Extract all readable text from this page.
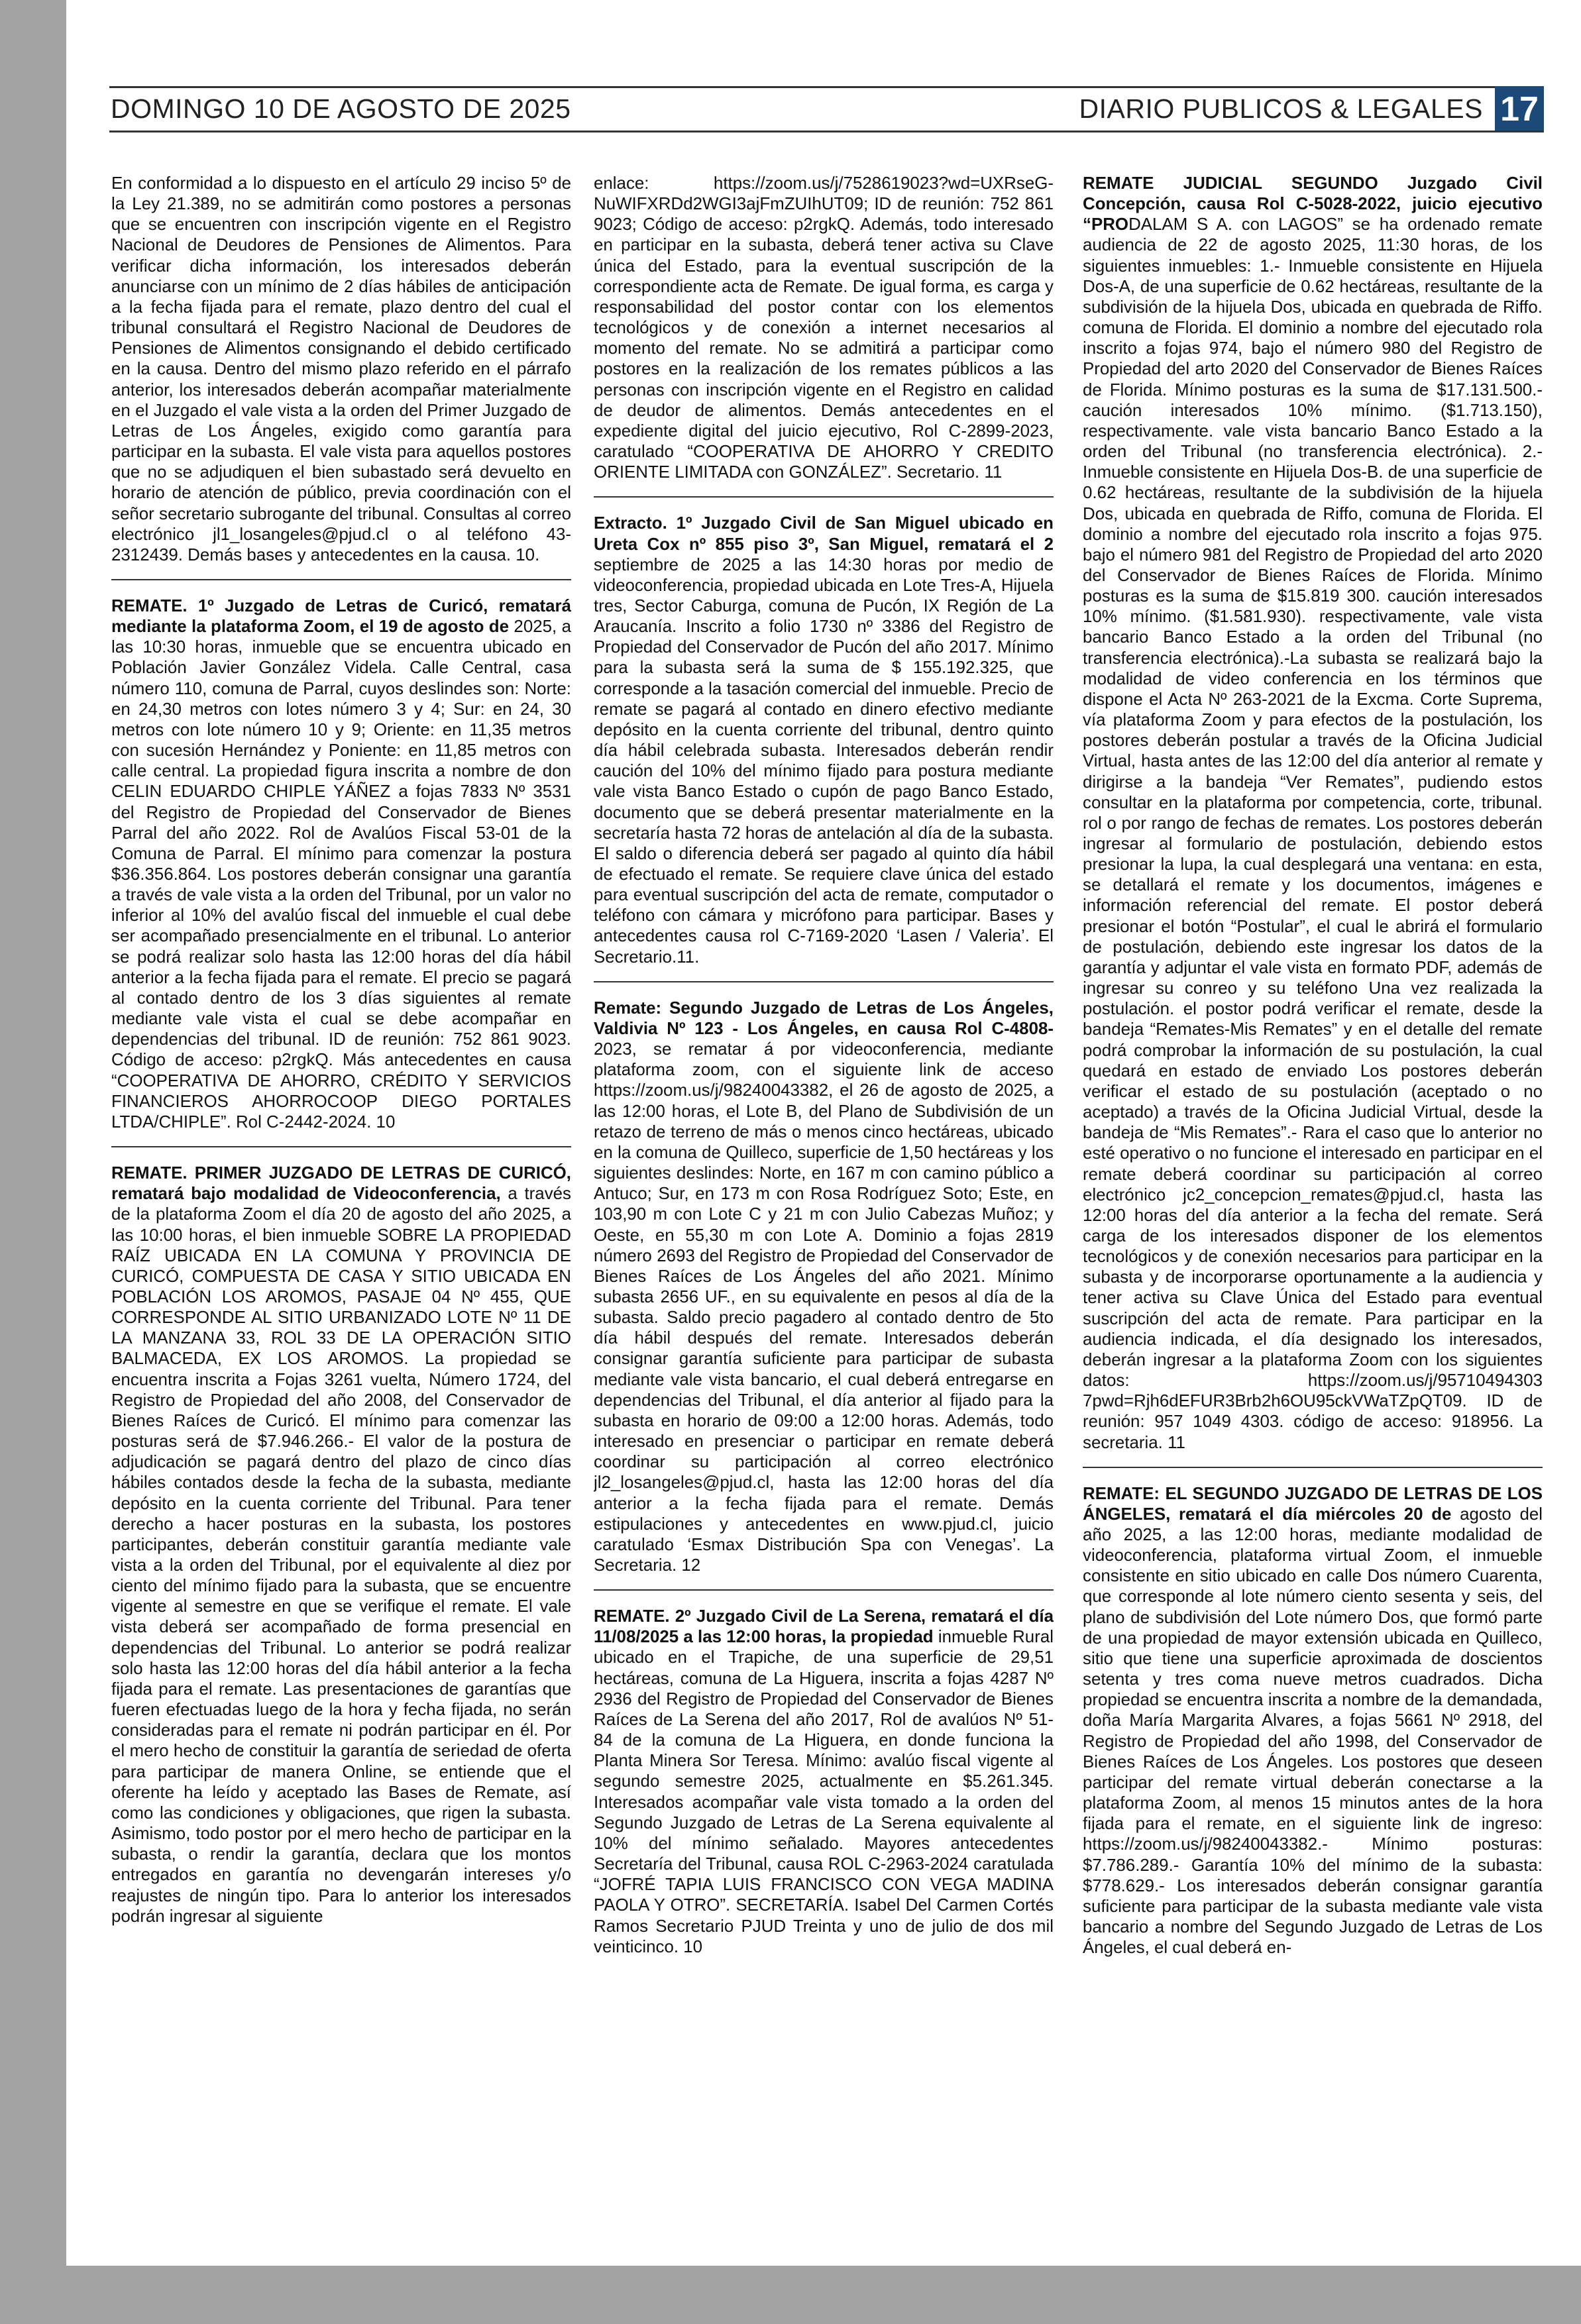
DOMINGO 10 DE AGOSTO DE 2025	DIARIO PUBLICOS & LEGALES 17

En conformidad a lo dispuesto en el artículo 29 inciso 5º de la Ley 21.389, no se admitirán como postores a personas que se encuentren con inscripción vigente en el Registro Nacional de Deudores de Pensiones de Alimentos. Para verificar dicha información, los interesados deberán anunciarse con un mínimo de 2 días hábiles de anticipación a la fecha fijada para el remate, plazo dentro del cual el tribunal consultará el Registro Nacional de Deudores de Pensiones de Alimentos consignando el debido certificado en la causa. Dentro del mismo plazo referido en el párrafo anterior, los interesados deberán acompañar materialmente en el Juzgado el vale vista a la orden del Primer Juzgado de Letras de Los Ángeles, exigido como garantía para participar en la subasta. El vale vista para aquellos postores que no se adjudiquen el bien subastado será devuelto en horario de atención de público, previa coordinación con el señor secretario subrogante del tribunal. Consultas al correo electrónico jl1_losangeles@pjud.cl o al teléfono 43-2312439. Demás bases y antecedentes en la causa. 10.

REMATE. 1º Juzgado de Letras de Curicó, rematará mediante la plataforma Zoom, el 19 de agosto de 2025, a las 10:30 horas, inmueble que se encuentra ubicado en Población Javier González Videla. Calle Central, casa número 110, comuna de Parral, cuyos deslindes son: Norte: en 24,30 metros con lotes número 3 y 4; Sur: en 24, 30 metros con lote número 10 y 9; Oriente: en 11,35 metros con sucesión Hernández y Poniente: en 11,85 metros con calle central. La propiedad figura inscrita a nombre de don CELIN EDUARDO CHIPLE YÁÑEZ a fojas 7833 Nº 3531 del Registro de Propiedad del Conservador de Bienes Parral del año 2022. Rol de Avalúos Fiscal 53-01 de la Comuna de Parral. El mínimo para comenzar la postura $36.356.864. Los postores deberán consignar una garantía a través de vale vista a la orden del Tribunal, por un valor no inferior al 10% del avalúo fiscal del inmueble el cual debe ser acompañado presencialmente en el tribunal. Lo anterior se podrá realizar solo hasta las 12:00 horas del día hábil anterior a la fecha fijada para el remate. El precio se pagará al contado dentro de los 3 días siguientes al remate mediante vale vista el cual se debe acompañar en dependencias del tribunal. ID de reunión: 752 861 9023. Código de acceso: p2rgkQ. Más antecedentes en causa “COOPERATIVA DE AHORRO, CRÉDITO Y SERVICIOS FINANCIEROS AHORROCOOP DIEGO PORTALES LTDA/CHIPLE”. Rol C-2442-2024. 10

REMATE. PRIMER JUZGADO DE LETRAS DE CURICÓ, rematará bajo modalidad de Videoconferencia, a través de la plataforma Zoom el día 20 de agosto del año 2025, a las 10:00 horas, el bien inmueble SOBRE LA PROPIEDAD RAÍZ UBICADA EN LA COMUNA Y PROVINCIA DE CURICÓ, COMPUESTA DE CASA Y SITIO UBICADA EN POBLACIÓN LOS AROMOS, PASAJE 04 Nº 455, QUE CORRESPONDE AL SITIO URBANIZADO LOTE Nº 11 DE LA MANZANA 33, ROL 33 DE LA OPERACIÓN SITIO BALMACEDA, EX LOS AROMOS. La propiedad se encuentra inscrita a Fojas 3261 vuelta, Número 1724, del Registro de Propiedad del año 2008, del Conservador de Bienes Raíces de Curicó. El mínimo para comenzar las posturas será de $7.946.266.- El valor de la postura de adjudicación se pagará dentro del plazo de cinco días hábiles contados desde la fecha de la subasta, mediante depósito en la cuenta corriente del Tribunal. Para tener derecho a hacer posturas en la subasta, los postores participantes, deberán constituir garantía mediante vale vista a la orden del Tribunal, por el equivalente al diez por ciento del mínimo fijado para la subasta, que se encuentre vigente al semestre en que se verifique el remate. El vale vista deberá ser acompañado de forma presencial en dependencias del Tribunal. Lo anterior se podrá realizar solo hasta las 12:00 horas del día hábil anterior a la fecha fijada para el remate. Las presentaciones de garantías que fueren efectuadas luego de la hora y fecha fijada, no serán consideradas para el remate ni podrán participar en él. Por el mero hecho de constituir la garantía de seriedad de oferta para participar de manera Online, se entiende que el oferente ha leído y aceptado las Bases de Remate, así como las condiciones y obligaciones, que rigen la subasta. Asimismo, todo postor por el mero hecho de participar en la subasta, o rendir la garantía, declara que los montos entregados en garantía no devengarán intereses y/o reajustes de ningún tipo. Para lo anterior los interesados podrán ingresar al siguiente

enlace: https://zoom.us/j/7528619023?wd=UXRseG-NuWIFXRDd2WGI3ajFmZUIhUT09; ID de reunión: 752 861 9023; Código de acceso: p2rgkQ. Además, todo interesado en participar en la subasta, deberá tener activa su Clave única del Estado, para la eventual suscripción de la correspondiente acta de Remate. De igual forma, es carga y responsabilidad del postor contar con los elementos tecnológicos y de conexión a internet necesarios al momento del remate. No se admitirá a participar como postores en la realización de los remates públicos a las personas con inscripción vigente en el Registro en calidad de deudor de alimentos. Demás antecedentes en el expediente digital del juicio ejecutivo, Rol C-2899-2023, caratulado “COOPERATIVA DE AHORRO Y CREDITO ORIENTE LIMITADA con GONZÁLEZ”. Secretario. 11

Extracto. 1º Juzgado Civil de San Miguel ubicado en Ureta Cox nº 855 piso 3º, San Miguel, rematará el 2 septiembre de 2025 a las 14:30 horas por medio de videoconferencia, propiedad ubicada en Lote Tres-A, Hijuela tres, Sector Caburga, comuna de Pucón, IX Región de La Araucanía. Inscrito a folio 1730 nº 3386 del Registro de Propiedad del Conservador de Pucón del año 2017. Mínimo para la subasta será la suma de $ 155.192.325, que corresponde a la tasación comercial del inmueble. Precio de remate se pagará al contado en dinero efectivo mediante depósito en la cuenta corriente del tribunal, dentro quinto día hábil celebrada subasta. Interesados deberán rendir caución del 10% del mínimo fijado para postura mediante vale vista Banco Estado o cupón de pago Banco Estado, documento que se deberá presentar materialmente en la secretaría hasta 72 horas de antelación al día de la subasta. El saldo o diferencia deberá ser pagado al quinto día hábil de efectuado el remate. Se requiere clave única del estado para eventual suscripción del acta de remate, computador o teléfono con cámara y micrófono para participar. Bases y antecedentes causa rol C-7169-2020 ‘Lasen / Valeria’. El Secretario.11.

Remate: Segundo Juzgado de Letras de Los Ángeles, Valdivia Nº 123 - Los Ángeles, en causa Rol C-4808-2023, se rematar á por videoconferencia, mediante plataforma zoom, con el siguiente link de acceso https://zoom.us/j/98240043382, el 26 de agosto de 2025, a las 12:00 horas, el Lote B, del Plano de Subdivisión de un retazo de terreno de más o menos cinco hectáreas, ubicado en la comuna de Quilleco, superficie de 1,50 hectáreas y los siguientes deslindes: Norte, en 167 m con camino público a Antuco; Sur, en 173 m con Rosa Rodríguez Soto; Este, en 103,90 m con Lote C y 21 m con Julio Cabezas Muñoz; y Oeste, en 55,30 m con Lote A. Dominio a fojas 2819 número 2693 del Registro de Propiedad del Conservador de Bienes Raíces de Los Ángeles del año 2021. Mínimo subasta 2656 UF., en su equivalente en pesos al día de la subasta. Saldo precio pagadero al contado dentro de 5to día hábil después del remate. Interesados deberán consignar garantía suficiente para participar de subasta mediante vale vista bancario, el cual deberá entregarse en dependencias del Tribunal, el día anterior al fijado para la subasta en horario de 09:00 a 12:00 horas. Además, todo interesado en presenciar o participar en remate deberá coordinar su participación al correo electrónico jl2_losangeles@pjud.cl, hasta las 12:00 horas del día anterior a la fecha fijada para el remate. Demás estipulaciones y antecedentes en www.pjud.cl, juicio caratulado ‘Esmax Distribución Spa con Venegas’. La Secretaria. 12

REMATE. 2º Juzgado Civil de La Serena, rematará el día 11/08/2025 a las 12:00 horas, la propiedad inmueble Rural ubicado en el Trapiche, de una superficie de 29,51 hectáreas, comuna de La Higuera, inscrita a fojas 4287 Nº 2936 del Registro de Propiedad del Conservador de Bienes Raíces de La Serena del año 2017, Rol de avalúos Nº 51-84 de la comuna de La Higuera, en donde funciona la Planta Minera Sor Teresa. Mínimo: avalúo fiscal vigente al segundo semestre 2025, actualmente en $5.261.345. Interesados acompañar vale vista tomado a la orden del Segundo Juzgado de Letras de La Serena equivalente al 10% del mínimo señalado. Mayores antecedentes Secretaría del Tribunal, causa ROL C-2963-2024 caratulada “JOFRÉ TAPIA LUIS FRANCISCO CON VEGA MADINA PAOLA Y OTRO”. SECRETARÍA. Isabel Del Carmen Cortés Ramos Secretario PJUD Treinta y uno de julio de dos mil veinticinco. 10

REMATE JUDICIAL SEGUNDO Juzgado Civil Concepción, causa Rol C-5028-2022, juicio ejecutivo “PRODALAM S A. con LAGOS” se ha ordenado remate audiencia de 22 de agosto 2025, 11:30 horas, de los siguientes inmuebles: 1.- Inmueble consistente en Hijuela Dos-A, de una superficie de 0.62 hectáreas, resultante de la subdivisión de la hijuela Dos, ubicada en quebrada de Riffo. comuna de Florida. El dominio a nombre del ejecutado rola inscrito a fojas 974, bajo el número 980 del Registro de Propiedad del arto 2020 del Conservador de Bienes Raíces de Florida. Mínimo posturas es la suma de $17.131.500.- caución interesados 10% mínimo. ($1.713.150), respectivamente. vale vista bancario Banco Estado a la orden del Tribunal (no transferencia electrónica). 2.- Inmueble consistente en Hijuela Dos-B. de una superficie de 0.62 hectáreas, resultante de la subdivisión de la hijuela Dos, ubicada en quebrada de Riffo, comuna de Florida. El dominio a nombre del ejecutado rola inscrito a fojas 975. bajo el número 981 del Registro de Propiedad del arto 2020 del Conservador de Bienes Raíces de Florida. Mínimo posturas es la suma de $15.819 300. caución interesados 10% mínimo. ($1.581.930). respectivamente, vale vista bancario Banco Estado a la orden del Tribunal (no transferencia electrónica).-La subasta se realizará bajo la modalidad de video conferencia en los términos que dispone el Acta Nº 263-2021 de la Excma. Corte Suprema, vía plataforma Zoom y para efectos de la postulación, los postores deberán postular a través de la Oficina Judicial Virtual, hasta antes de las 12:00 del día anterior al remate y dirigirse a la bandeja “Ver Remates”, pudiendo estos consultar en la plataforma por competencia, corte, tribunal. rol o por rango de fechas de remates. Los postores deberán ingresar al formulario de postulación, debiendo estos presionar la lupa, la cual desplegará una ventana: en esta, se detallará el remate y los documentos, imágenes e información referencial del remate. El postor deberá presionar el botón “Postular”, el cual le abrirá el formulario de postulación, debiendo este ingresar los datos de la garantía y adjuntar el vale vista en formato PDF, además de ingresar su conreo y su teléfono Una vez realizada la postulación. el postor podrá verificar el remate, desde la bandeja “Remates-Mis Remates” y en el detalle del remate podrá comprobar la información de su postulación, la cual quedará en estado de enviado Los postores deberán verificar el estado de su postulación (aceptado o no aceptado) a través de la Oficina Judicial Virtual, desde la bandeja de “Mis Remates”.- Rara el caso que lo anterior no esté operativo o no funcione el interesado en participar en el remate deberá coordinar su participación al correo electrónico jc2_concepcion_remates@pjud.cl, hasta las 12:00 horas del día anterior a la fecha del remate. Será carga de los interesados disponer de los elementos tecnológicos y de conexión necesarios para participar en la subasta y de incorporarse oportunamente a la audiencia y tener activa su Clave Única del Estado para eventual suscripción del acta de remate. Para participar en la audiencia indicada, el día designado los interesados, deberán ingresar a la plataforma Zoom con los siguientes datos: https://zoom.us/j/95710494303 7pwd=Rjh6dEFUR3Brb2h6OU95ckVWaTZpQT09. ID de reunión: 957 1049 4303. código de acceso: 918956. La secretaria. 11

REMATE: EL SEGUNDO JUZGADO DE LETRAS DE LOS ÁNGELES, rematará el día miércoles 20 de agosto del año 2025, a las 12:00 horas, mediante modalidad de videoconferencia, plataforma virtual Zoom, el inmueble consistente en sitio ubicado en calle Dos número Cuarenta, que corresponde al lote número ciento sesenta y seis, del plano de subdivisión del Lote número Dos, que formó parte de una propiedad de mayor extensión ubicada en Quilleco, sitio que tiene una superficie aproximada de doscientos setenta y tres coma nueve metros cuadrados. Dicha propiedad se encuentra inscrita a nombre de la demandada, doña María Margarita Alvares, a fojas 5661 Nº 2918, del Registro de Propiedad del año 1998, del Conservador de Bienes Raíces de Los Ángeles. Los postores que deseen participar del remate virtual deberán conectarse a la plataforma Zoom, al menos 15 minutos antes de la hora fijada para el remate, en el siguiente link de ingreso: https://zoom.us/j/98240043382.- Mínimo posturas: $7.786.289.- Garantía 10% del mínimo de la subasta: $778.629.- Los interesados deberán consignar garantía suficiente para participar de la subasta mediante vale vista bancario a nombre del Segundo Juzgado de Letras de Los Ángeles, el cual deberá en-
